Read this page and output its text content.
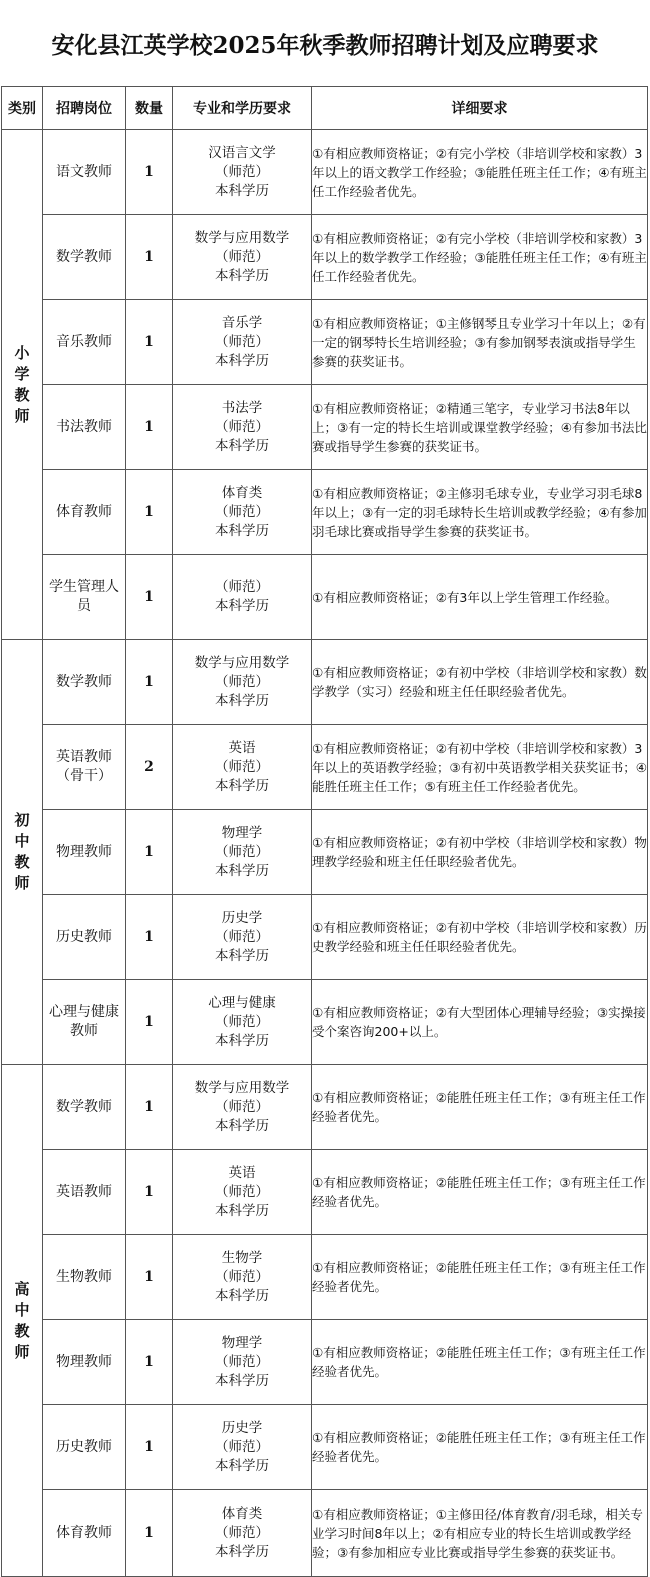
安化县江英学校2025年秋季教师招聘计划及应聘要求
类别	招聘岗位	数量	专业和学历要求	详细要求
小学教师	语文教师	1	汉语言文学
（师范）
本科学历	①有相应教师资格证；②有完小学校（非培训学校和家教）3年以上的语文教学工作经验；③能胜任班主任工作；④有班主任工作经验者优先。
	数学教师	1	数学与应用数学
（师范）
本科学历	①有相应教师资格证；②有完小学校（非培训学校和家教）3年以上的数学教学工作经验；③能胜任班主任工作；④有班主任工作经验者优先。
	音乐教师	1	音乐学
（师范）
本科学历	①有相应教师资格证；①主修钢琴且专业学习十年以上；②有一定的钢琴特长生培训经验；③有参加钢琴表演或指导学生参赛的获奖证书。
	书法教师	1	书法学
（师范）
本科学历	①有相应教师资格证；②精通三笔字，专业学习书法8年以上；③有一定的特长生培训或课堂教学经验；④有参加书法比赛或指导学生参赛的获奖证书。
	体育教师	1	体育类
（师范）
本科学历	①有相应教师资格证；②主修羽毛球专业，专业学习羽毛球8年以上；③有一定的羽毛球特长生培训或教学经验；④有参加羽毛球比赛或指导学生参赛的获奖证书。
	学生管理人员	1	（师范）
本科学历	①有相应教师资格证；②有3年以上学生管理工作经验。
初中教师	数学教师	1	数学与应用数学
（师范）
本科学历	①有相应教师资格证；②有初中学校（非培训学校和家教）数学教学（实习）经验和班主任任职经验者优先。
	英语教师（骨干）	2	英语
（师范）
本科学历	①有相应教师资格证；②有初中学校（非培训学校和家教）3年以上的英语教学经验；③有初中英语教学相关获奖证书；④能胜任班主任工作；⑤有班主任工作经验者优先。
	物理教师	1	物理学
（师范）
本科学历	①有相应教师资格证；②有初中学校（非培训学校和家教）物理教学经验和班主任任职经验者优先。
	历史教师	1	历史学
（师范）
本科学历	①有相应教师资格证；②有初中学校（非培训学校和家教）历史教学经验和班主任任职经验者优先。
	心理与健康教师	1	心理与健康
（师范）
本科学历	①有相应教师资格证；②有大型团体心理辅导经验；③实操接受个案咨询200+以上。
高中教师	数学教师	1	数学与应用数学
（师范）
本科学历	①有相应教师资格证；②能胜任班主任工作；③有班主任工作经验者优先。
	英语教师	1	英语
（师范）
本科学历	①有相应教师资格证；②能胜任班主任工作；③有班主任工作经验者优先。
	生物教师	1	生物学
（师范）
本科学历	①有相应教师资格证；②能胜任班主任工作；③有班主任工作经验者优先。
	物理教师	1	物理学
（师范）
本科学历	①有相应教师资格证；②能胜任班主任工作；③有班主任工作经验者优先。
	历史教师	1	历史学
（师范）
本科学历	①有相应教师资格证；②能胜任班主任工作；③有班主任工作经验者优先。
	体育教师	1	体育类
（师范）
本科学历	①有相应教师资格证；①主修田径/体育教育/羽毛球，相关专业学习时间8年以上；②有相应专业的特长生培训或教学经验；③有参加相应专业比赛或指导学生参赛的获奖证书。
